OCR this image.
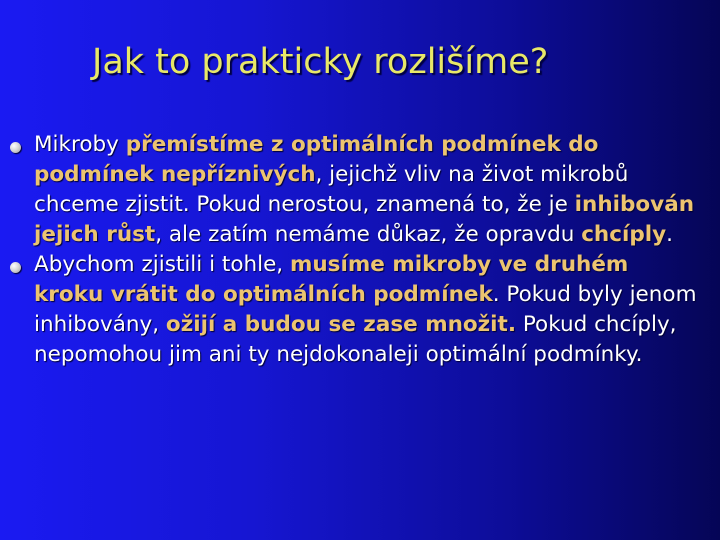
Jak to prakticky rozlišíme?
Mikroby přemístíme z optimálních podmínek do podmínek nepříznivých, jejichž vliv na život mikrobů chceme zjistit. Pokud nerostou, znamená to, že je inhibován jejich růst, ale zatím nemáme důkaz, že opravdu chcíply.
Abychom zjistili i tohle, musíme mikroby ve druhém kroku vrátit do optimálních podmínek. Pokud byly jenom inhibovány, ožijí a budou se zase množit. Pokud chcíply, nepomohou jim ani ty nejdokonaleji optimální podmínky.
